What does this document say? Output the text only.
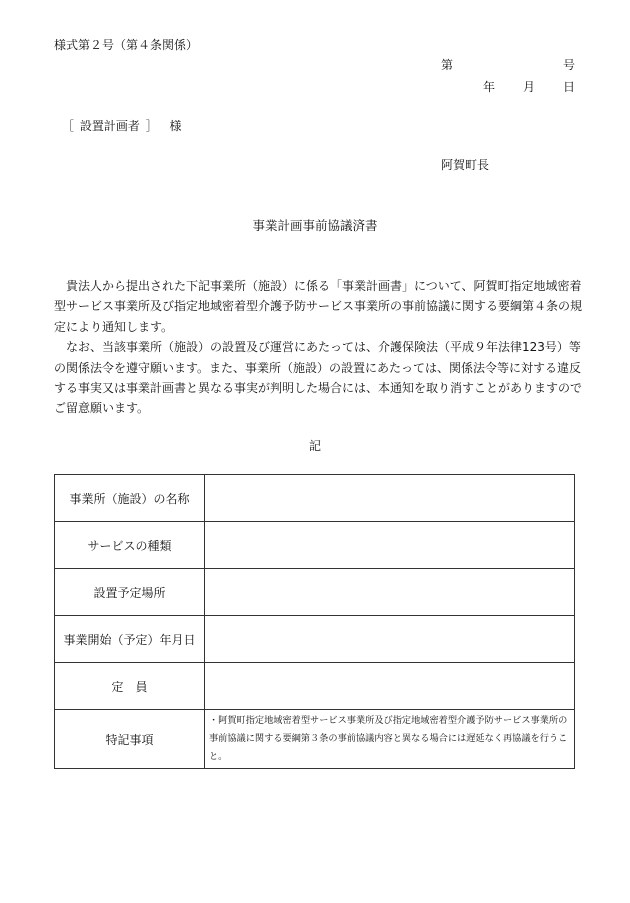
様式第２号（第４条関係）
第	号
年 月 日
［ 設置計画者 ］ 様
阿賀町長
事業計画事前協議済書

貴法人から提出された下記事業所（施設）に係る「事業計画書」について、阿賀町指定地域密着型サービス事業所及び指定地域密着型介護予防サービス事業所の事前協議に関する要綱第４条の規定により通知します。

なお、当該事業所（施設）の設置及び運営にあたっては、介護保険法（平成９年法律123号）等の関係法令を遵守願います。また、事業所（施設）の設置にあたっては、関係法令等に対する違反する事実又は事業計画書と異なる事実が判明した場合には、本通知を取り消すことがありますのでご留意願います。

記
事業所（施設）の名称	
サービスの種類	
設置予定場所	
事業開始（予定）年月日	
定　員	
特記事項	・阿賀町指定地域密着型サービス事業所及び指定地域密着型介護予防サービス事業所の事前協議に関する要綱第３条の事前協議内容と異なる場合には遅延なく再協議を行うこと。
